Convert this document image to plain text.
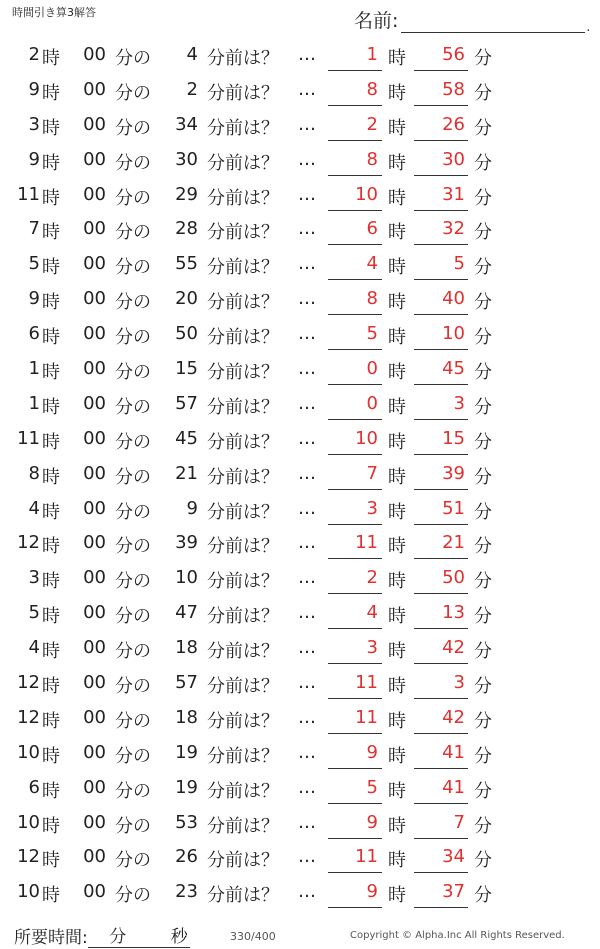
時間引き算3解答	名前:	.
2 時	00 分の	4 分前は？ …	1 時	56 分
9 時	00 分の	2 分前は？ …	8 時	58 分
3 時	00 分の	34 分前は？ …	2 時	26 分
9 時	00 分の	30 分前は？ …	8 時	30 分
11 時	00 分の	29 分前は？ …	10 時	31 分
7 時	00 分の	28 分前は？ …	6 時	32 分
5 時	00 分の	55 分前は？ …	4 時	5 分
9 時	00 分の	20 分前は？ …	8 時	40 分
6 時	00 分の	50 分前は？ …	5 時	10 分
1 時	00 分の	15 分前は？ …	0 時	45 分
1 時	00 分の	57 分前は？ …	0 時	3 分
11 時	00 分の	45 分前は？ …	10 時	15 分
8 時	00 分の	21 分前は？ …	7 時	39 分
4 時	00 分の	9 分前は？ …	3 時	51 分
12 時	00 分の	39 分前は？ …	11 時	21 分
3 時	00 分の	10 分前は？ …	2 時	50 分
5 時	00 分の	47 分前は？ …	4 時	13 分
4 時	00 分の	18 分前は？ …	3 時	42 分
12 時	00 分の	57 分前は？ …	11 時	3 分
12 時	00 分の	18 分前は？ …	11 時	42 分
10 時	00 分の	19 分前は？ …	9 時	41 分
6 時	00 分の	19 分前は？ …	5 時	41 分
10 時	00 分の	53 分前は？ …	9 時	7 分
12 時	00 分の	26 分前は？ …	11 時	34 分
10 時	00 分の	23 分前は？ …	9 時	37 分
所要時間:	分	秒	330/400	Copyright © Alpha.Inc All Rights Reserved.
